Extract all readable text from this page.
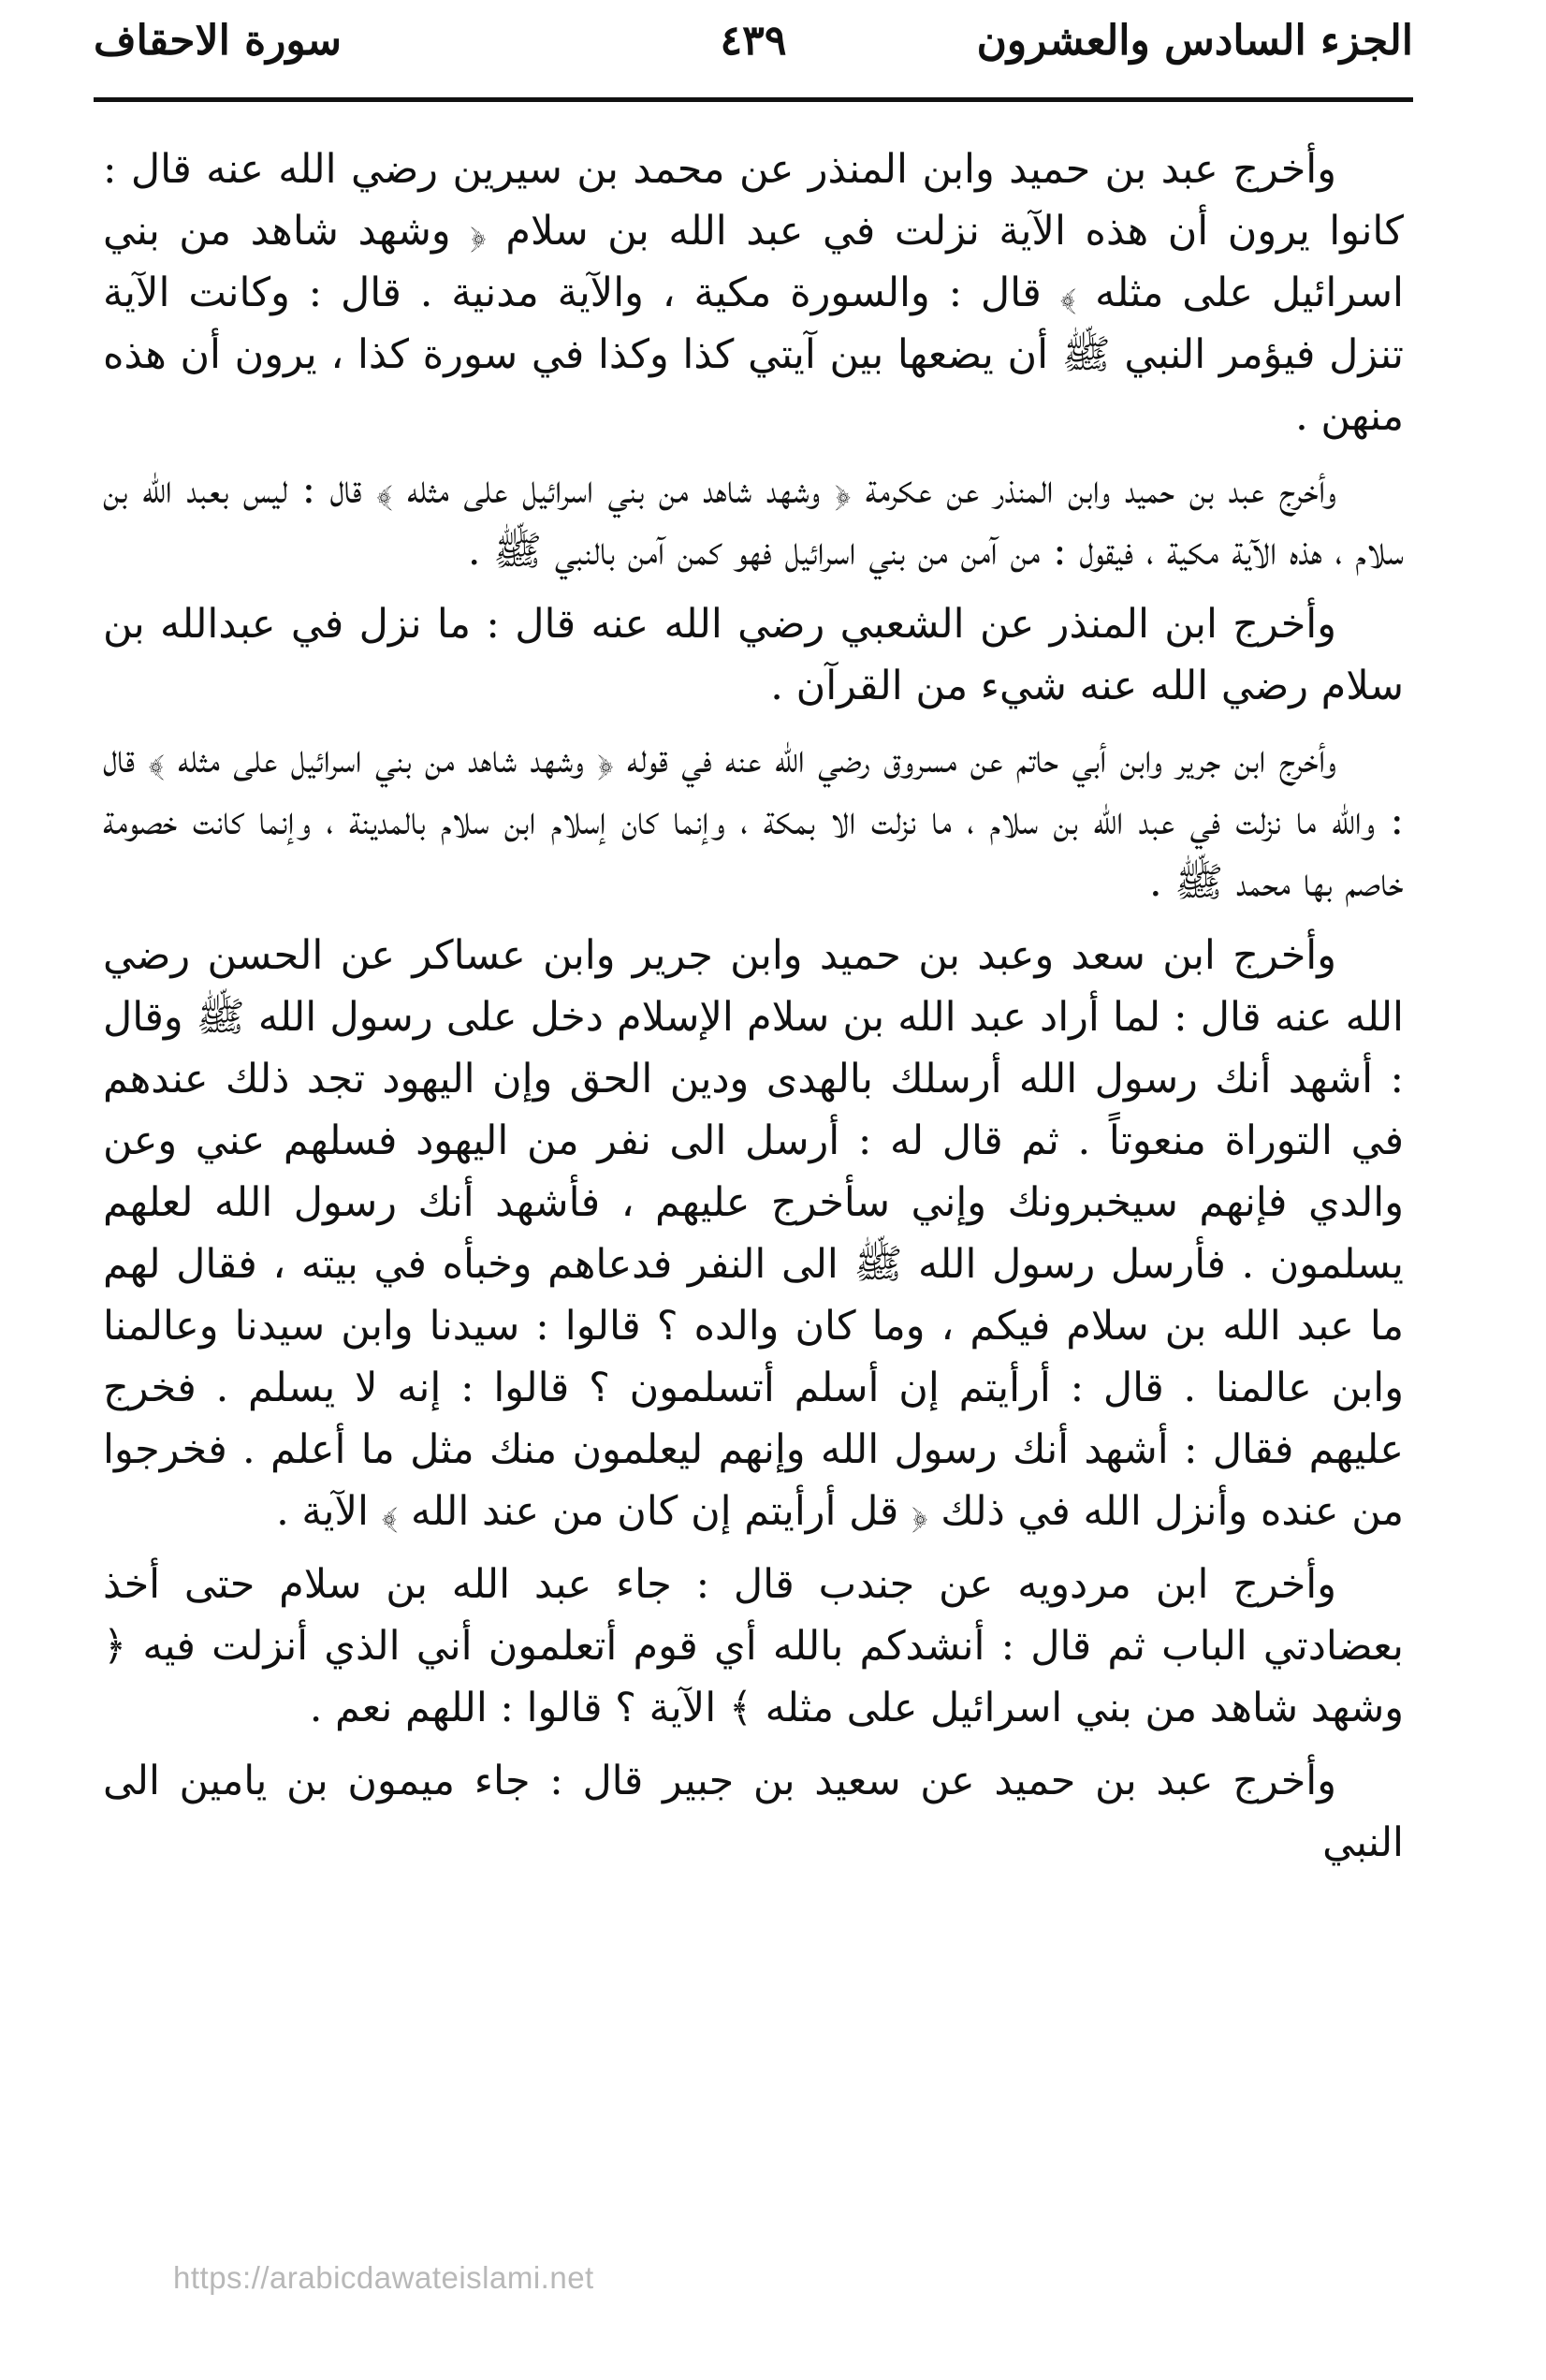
الجزء السادس والعشرون
٤٣٩
سورة الاحقاف

وأخرج عبد بن حميد وابن المنذر عن محمد بن سيرين رضي الله عنه قال : كانوا يرون أن هذه الآية نزلت في عبد الله بن سلام ﴿ وشهد شاهد من بني اسرائيل على مثله ﴾ قال : والسورة مكية ، والآية مدنية . قال : وكانت الآية تنزل فيؤمر النبي ﷺ أن يضعها بين آيتي كذا وكذا في سورة كذا ، يرون أن هذه منهن .

وأخرج عبد بن حميد وابن المنذر عن عكرمة ﴿ وشهد شاهد من بني اسرائيل على مثله ﴾ قال : ليس بعبد الله بن سلام ، هذه الآية مكية ، فيقول : من آمن من بني اسرائيل فهو كمن آمن بالنبي ﷺ .

وأخرج ابن المنذر عن الشعبي رضي الله عنه قال : ما نزل في عبدالله بن سلام رضي الله عنه شيء من القرآن .

وأخرج ابن جرير وابن أبي حاتم عن مسروق رضي الله عنه في قوله ﴿ وشهد شاهد من بني اسرائيل على مثله ﴾ قال : والله ما نزلت في عبد الله بن سلام ، ما نزلت الا بمكة ، وإنما كان إسلام ابن سلام بالمدينة ، وإنما كانت خصومة خاصم بها محمد ﷺ .

وأخرج ابن سعد وعبد بن حميد وابن جرير وابن عساكر عن الحسن رضي الله عنه قال : لما أراد عبد الله بن سلام الإسلام دخل على رسول الله ﷺ وقال : أشهد أنك رسول الله أرسلك بالهدى ودين الحق وإن اليهود تجد ذلك عندهم في التوراة منعوتاً . ثم قال له : أرسل الى نفر من اليهود فسلهم عني وعن والدي فإنهم سيخبرونك وإني سأخرج عليهم ، فأشهد أنك رسول الله لعلهم يسلمون . فأرسل رسول الله ﷺ الى النفر فدعاهم وخبأه في بيته ، فقال لهم ما عبد الله بن سلام فيكم ، وما كان والده ؟ قالوا : سيدنا وابن سيدنا وعالمنا وابن عالمنا . قال : أرأيتم إن أسلم أتسلمون ؟ قالوا : إنه لا يسلم . فخرج عليهم فقال : أشهد أنك رسول الله وإنهم ليعلمون منك مثل ما أعلم . فخرجوا من عنده وأنزل الله في ذلك ﴿ قل أرأيتم إن كان من عند الله ﴾ الآية .

وأخرج ابن مردويه عن جندب قال : جاء عبد الله بن سلام حتى أخذ بعضادتي الباب ثم قال : أنشدكم بالله أي قوم أتعلمون أني الذي أنزلت فيه ﴿ وشهد شاهد من بني اسرائيل على مثله ﴾ الآية ؟ قالوا : اللهم نعم .

وأخرج عبد بن حميد عن سعيد بن جبير قال : جاء ميمون بن يامين الى النبي

https://arabicdawateislami.net
